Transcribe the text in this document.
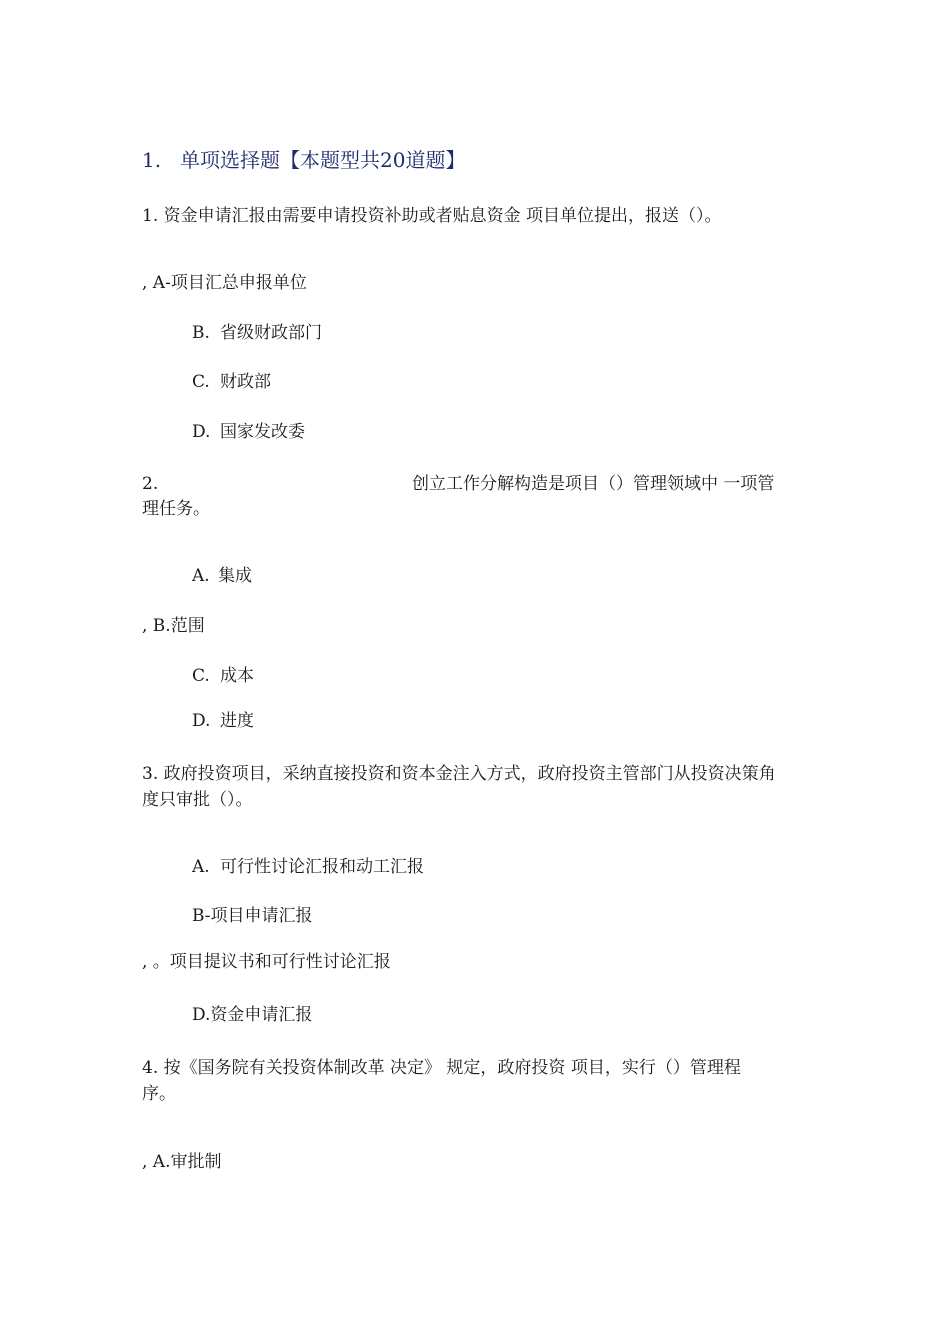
1. 单项选择题【本题型共20道题】
1. 资金申请汇报由需要申请投资补助或者贴息资金 项目单位提出，报送（）。
, A-项目汇总申报单位
B. 省级财政部门
C. 财政部
D. 国家发改委
2.	创立工作分解构造是项目（）管理领域中 一项管
理任务。
A. 集成
, B.范围
C. 成本
D. 进度
3. 政府投资项目，采纳直接投资和资本金注入方式，政府投资主管部门从投资决策角
度只审批（）。
A. 可行性讨论汇报和动工汇报
B-项目申请汇报
, 。项目提议书和可行性讨论汇报
D.资金申请汇报
4. 按《国务院有关投资体制改革 决定》 规定，政府投资 项目，实行（）管理程
序。
, A.审批制
